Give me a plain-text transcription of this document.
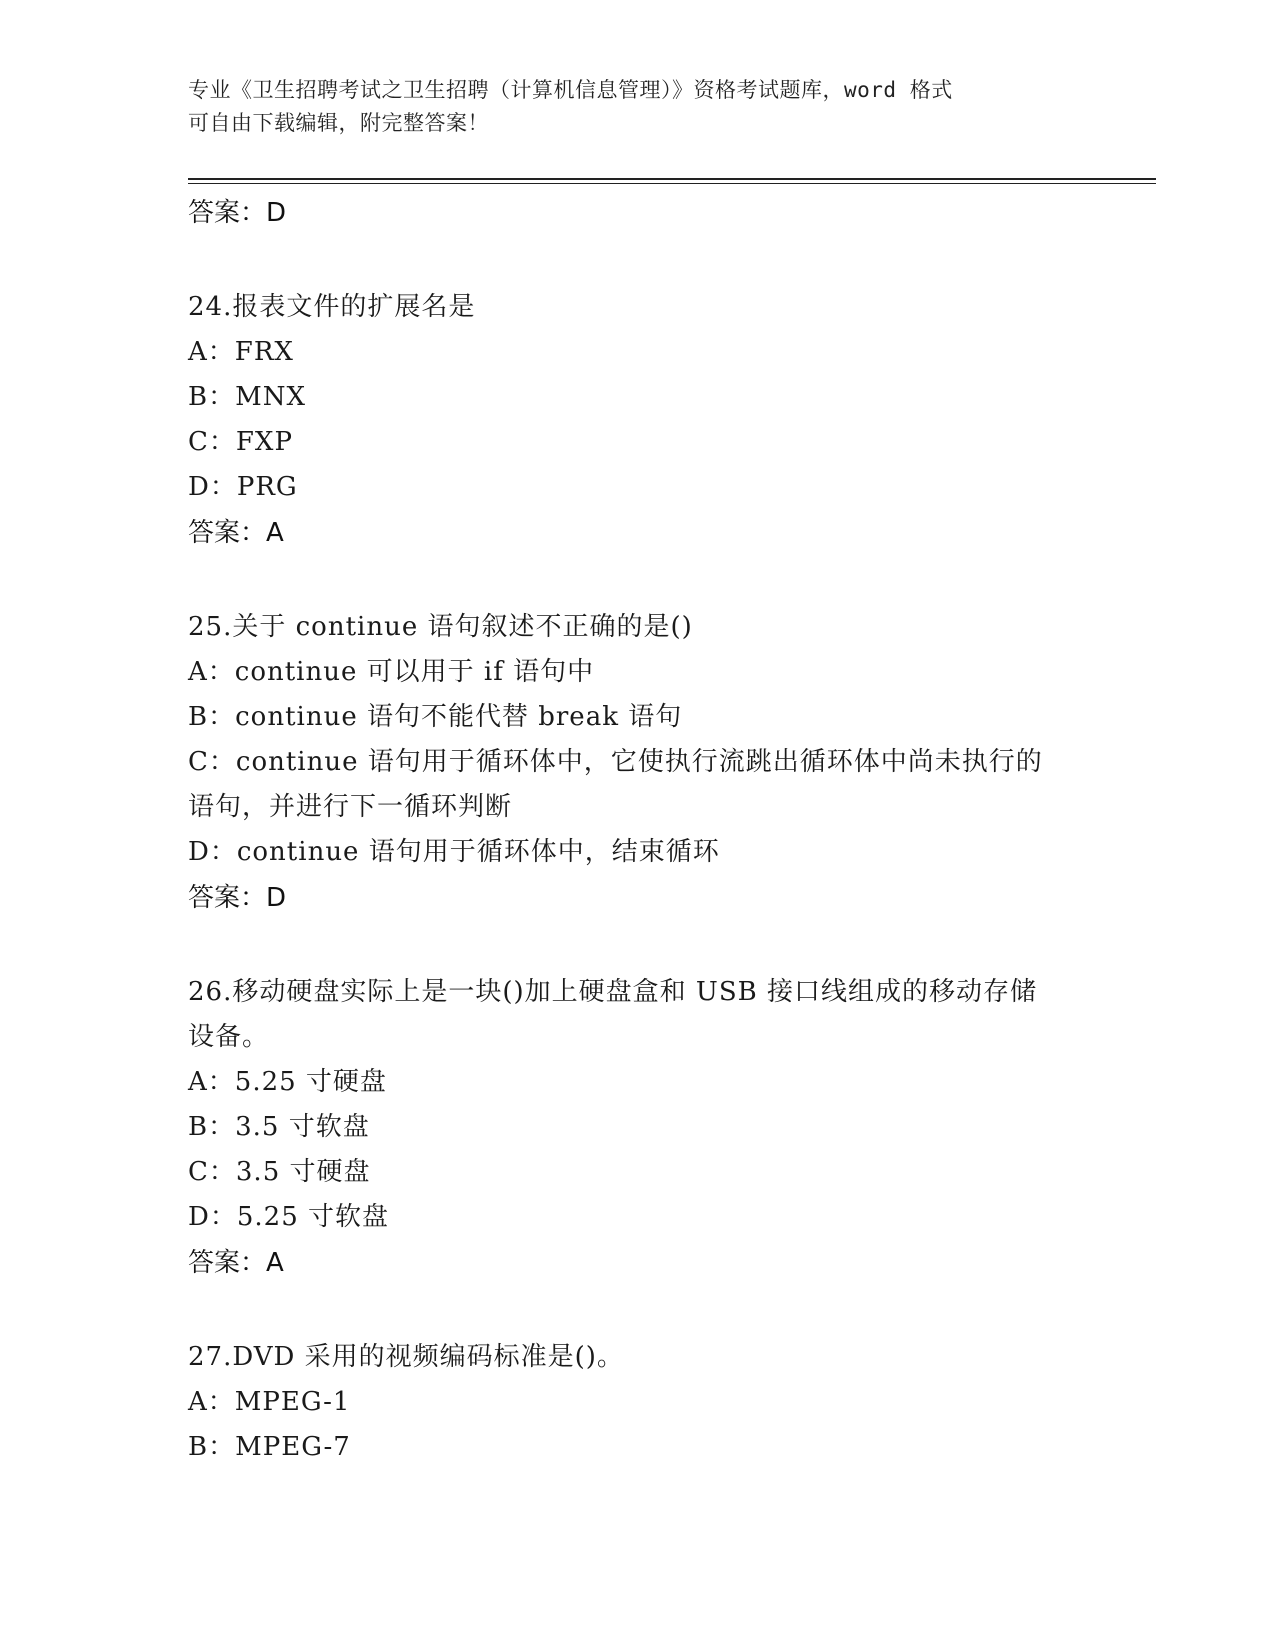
专业《卫生招聘考试之卫生招聘（计算机信息管理）》资格考试题库，word 格式
可自由下载编辑，附完整答案！

答案：D

24.报表文件的扩展名是

A：FRX

B：MNX

C：FXP

D：PRG

答案：A

25.关于 continue 语句叙述不正确的是()

A：continue 可以用于 if 语句中

B：continue 语句不能代替 break 语句

C：continue 语句用于循环体中，它使执行流跳出循环体中尚未执行的

语句，并进行下一循环判断

D：continue 语句用于循环体中，结束循环

答案：D

26.移动硬盘实际上是一块()加上硬盘盒和 USB 接口线组成的移动存储

设备。

A：5.25 寸硬盘

B：3.5 寸软盘

C：3.5 寸硬盘

D：5.25 寸软盘

答案：A

27.DVD 采用的视频编码标准是()。

A：MPEG-1

B：MPEG-7
